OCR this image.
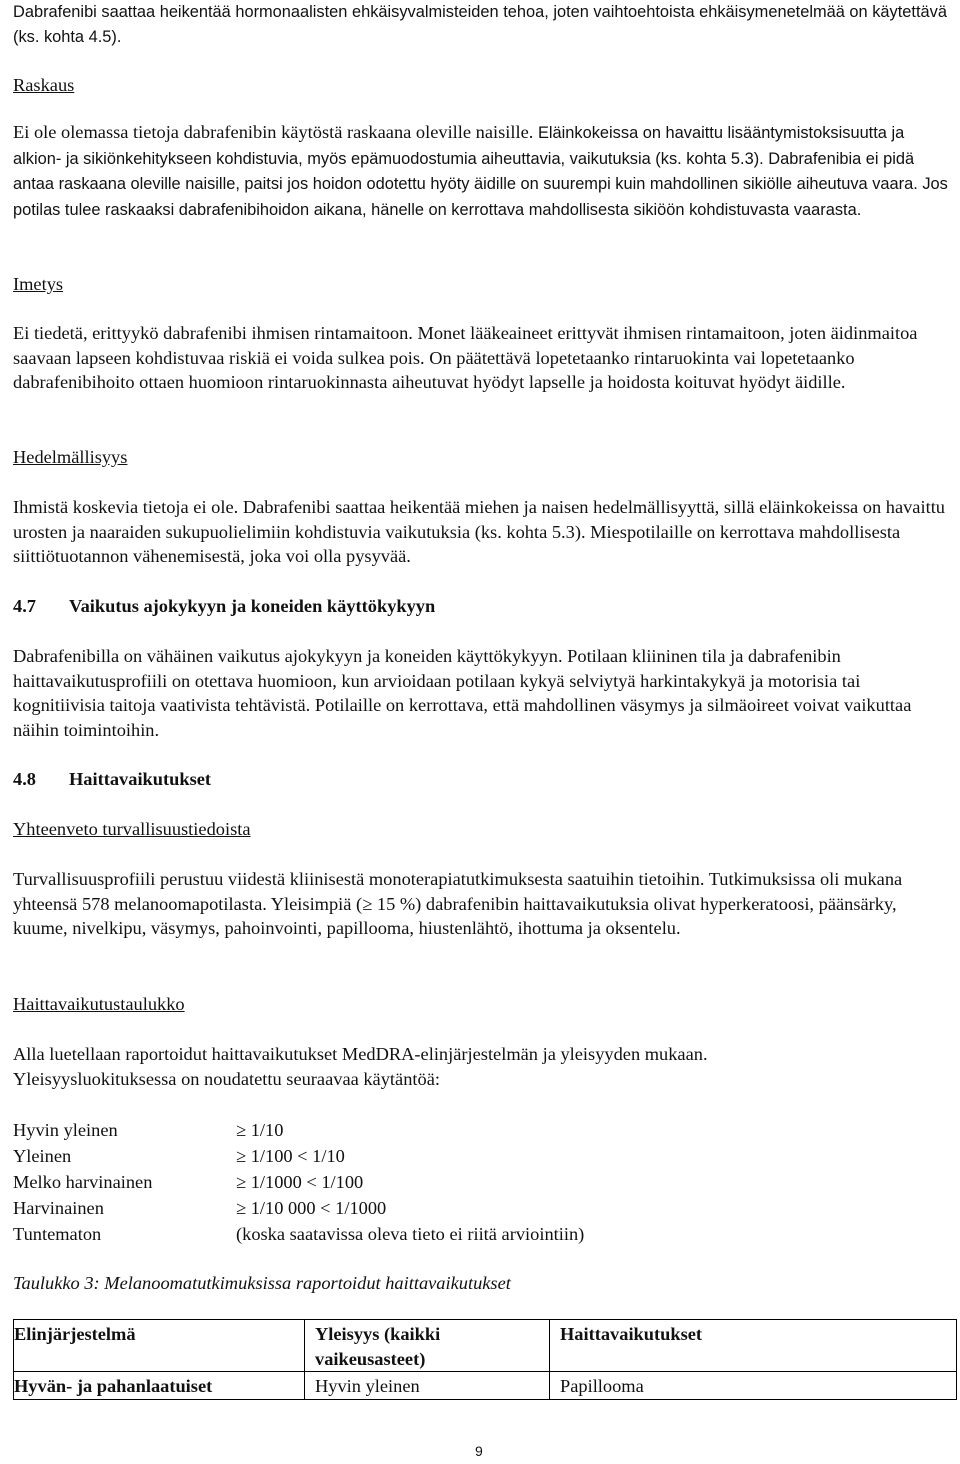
Dabrafenibi saattaa heikentää hormonaalisten ehkäisyvalmisteiden tehoa, joten vaihtoehtoista ehkäisymenetelmää on käytettävä (ks. kohta 4.5).

Raskaus

Ei ole olemassa tietoja dabrafenibin käytöstä raskaana oleville naisille. Eläinkokeissa on havaittu lisääntymistoksisuutta ja alkion- ja sikiönkehitykseen kohdistuvia, myös epämuodostumia aiheuttavia, vaikutuksia (ks. kohta 5.3). Dabrafenibia ei pidä antaa raskaana oleville naisille, paitsi jos hoidon odotettu hyöty äidille on suurempi kuin mahdollinen sikiölle aiheutuva vaara. Jos potilas tulee raskaaksi dabrafenibihoidon aikana, hänelle on kerrottava mahdollisesta sikiöön kohdistuvasta vaarasta.

Imetys

Ei tiedetä, erittyykö dabrafenibi ihmisen rintamaitoon. Monet lääkeaineet erittyvät ihmisen rintamaitoon, joten äidinmaitoa saavaan lapseen kohdistuvaa riskiä ei voida sulkea pois. On päätettävä lopetetaanko rintaruokinta vai lopetetaanko dabrafenibihoito ottaen huomioon rintaruokinnasta aiheutuvat hyödyt lapselle ja hoidosta koituvat hyödyt äidille.

Hedelmällisyys

Ihmistä koskevia tietoja ei ole. Dabrafenibi saattaa heikentää miehen ja naisen hedelmällisyyttä, sillä eläinkokeissa on havaittu urosten ja naaraiden sukupuolielimiin kohdistuvia vaikutuksia (ks. kohta 5.3). Miespotilaille on kerrottava mahdollisesta siittiötuotannon vähenemisestä, joka voi olla pysyvää.

4.7 Vaikutus ajokykyyn ja koneiden käyttökykyyn

Dabrafenibilla on vähäinen vaikutus ajokykyyn ja koneiden käyttökykyyn. Potilaan kliininen tila ja dabrafenibin haittavaikutusprofiili on otettava huomioon, kun arvioidaan potilaan kykyä selviytyä harkintakykyä ja motorisia tai kognitiivisia taitoja vaativista tehtävistä. Potilaille on kerrottava, että mahdollinen väsymys ja silmäoireet voivat vaikuttaa näihin toimintoihin.

4.8 Haittavaikutukset

Yhteenveto turvallisuustiedoista

Turvallisuusprofiili perustuu viidestä kliinisestä monoterapiatutkimuksesta saatuihin tietoihin. Tutkimuksissa oli mukana yhteensä 578 melanoomapotilasta. Yleisimpiä (≥ 15 %) dabrafenibin haittavaikutuksia olivat hyperkeratoosi, päänsärky, kuume, nivelkipu, väsymys, pahoinvointi, papillooma, hiustenlähtö, ihottuma ja oksentelu.

Haittavaikutustaulukko

Alla luetellaan raportoidut haittavaikutukset MedDRA-elinjärjestelmän ja yleisyyden mukaan.
Yleisyysluokituksessa on noudatettu seuraavaa käytäntöä:

Hyvin yleinen	≥ 1/10
Yleinen	≥ 1/100 < 1/10
Melko harvinainen	≥ 1/1000 < 1/100
Harvinainen	≥ 1/10 000 < 1/1000
Tuntematon	(koska saatavissa oleva tieto ei riitä arviointiin)
Taulukko 3: Melanoomatutkimuksissa raportoidut haittavaikutukset
Elinjärjestelmä	Yleisyys (kaikki vaikeusasteet)	Haittavaikutukset
Hyvän- ja pahanlaatuiset	Hyvin yleinen	Papillooma
9
